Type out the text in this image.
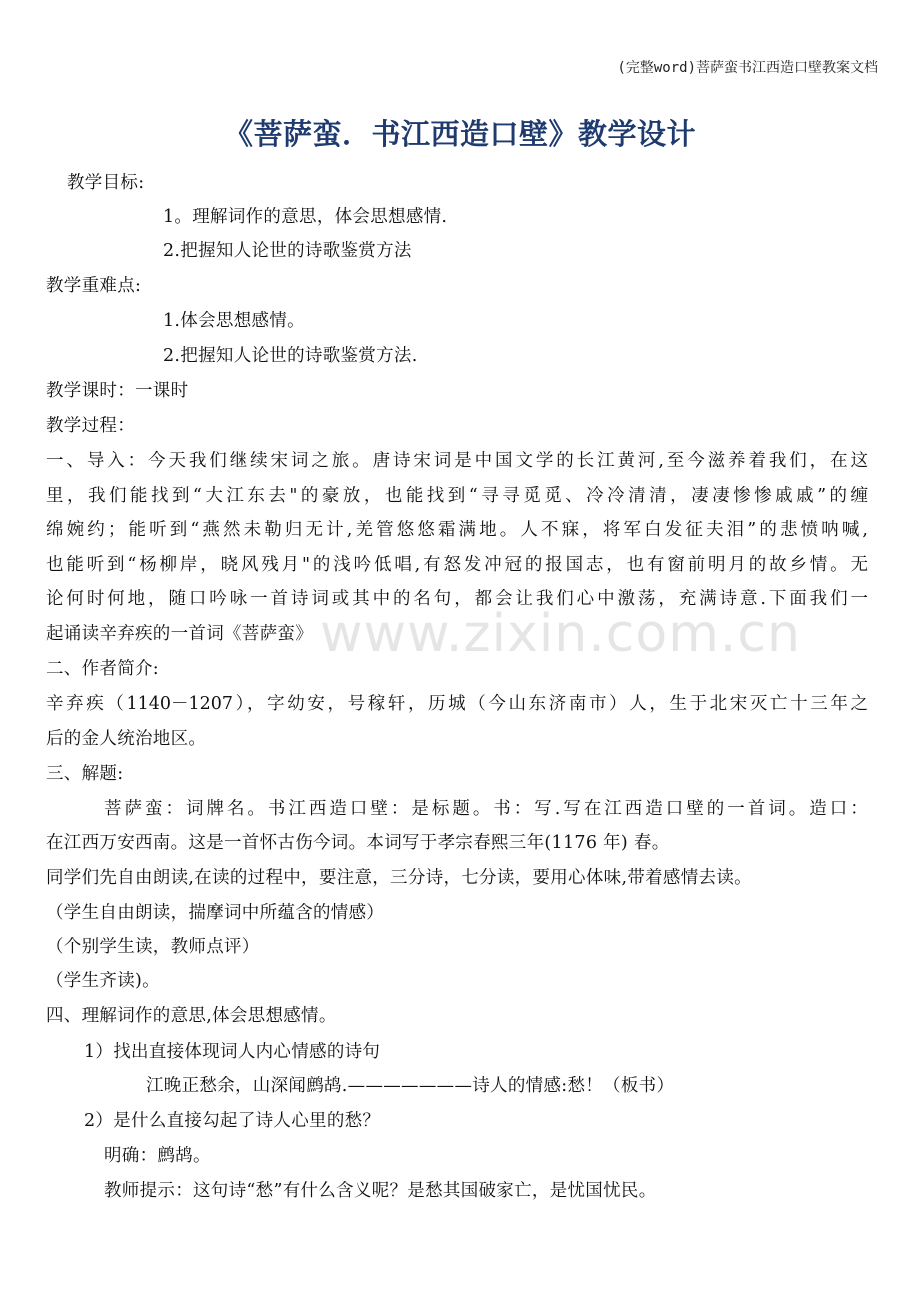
(完整word)菩萨蛮书江西造口壁教案文档
《菩萨蛮．书江西造口壁》教学设计
www.zixin.com.cn
教学目标:
1。理解词作的意思，体会思想感情.
2.把握知人论世的诗歌鉴赏方法
教学重难点:
1.体会思想感情。
2.把握知人论世的诗歌鉴赏方法.
教学课时：一课时
教学过程：
一、导入：今天我们继续宋词之旅。唐诗宋词是中国文学的长江黄河,至今滋养着我们，在这
里，我们能找到“大江东去"的豪放，也能找到“寻寻觅觅、冷冷清清，凄凄惨惨戚戚”的缠
绵婉约；能听到“燕然未勒归无计,羌管悠悠霜满地。人不寐，将军白发征夫泪”的悲愤呐喊,
也能听到“杨柳岸，晓风残月"的浅吟低唱,有怒发冲冠的报国志，也有窗前明月的故乡情。无
论何时何地，随口吟咏一首诗词或其中的名句，都会让我们心中激荡，充满诗意.下面我们一
起诵读辛弃疾的一首词《菩萨蛮》
二、作者简介:
辛弃疾（1140－1207），字幼安，号稼轩，历城（今山东济南市）人，生于北宋灭亡十三年之
后的金人统治地区。
三、解题:
菩萨蛮：词牌名。书江西造口壁：是标题。书：写.写在江西造口壁的一首词。造口：
在江西万安西南。这是一首怀古伤今词。本词写于孝宗春熙三年(1176 年) 春。
同学们先自由朗读,在读的过程中，要注意，三分诗，七分读，要用心体味,带着感情去读。
（学生自由朗读，揣摩词中所蕴含的情感）
（个别学生读，教师点评）
（学生齐读)。
四、理解词作的意思,体会思想感情。
1）找出直接体现词人内心情感的诗句
江晚正愁余，山深闻鹧鸪.———————诗人的情感:愁！（板书）
2）是什么直接勾起了诗人心里的愁？
明确：鹧鸪。
教师提示：这句诗“愁”有什么含义呢？是愁其国破家亡，是忧国忧民。
